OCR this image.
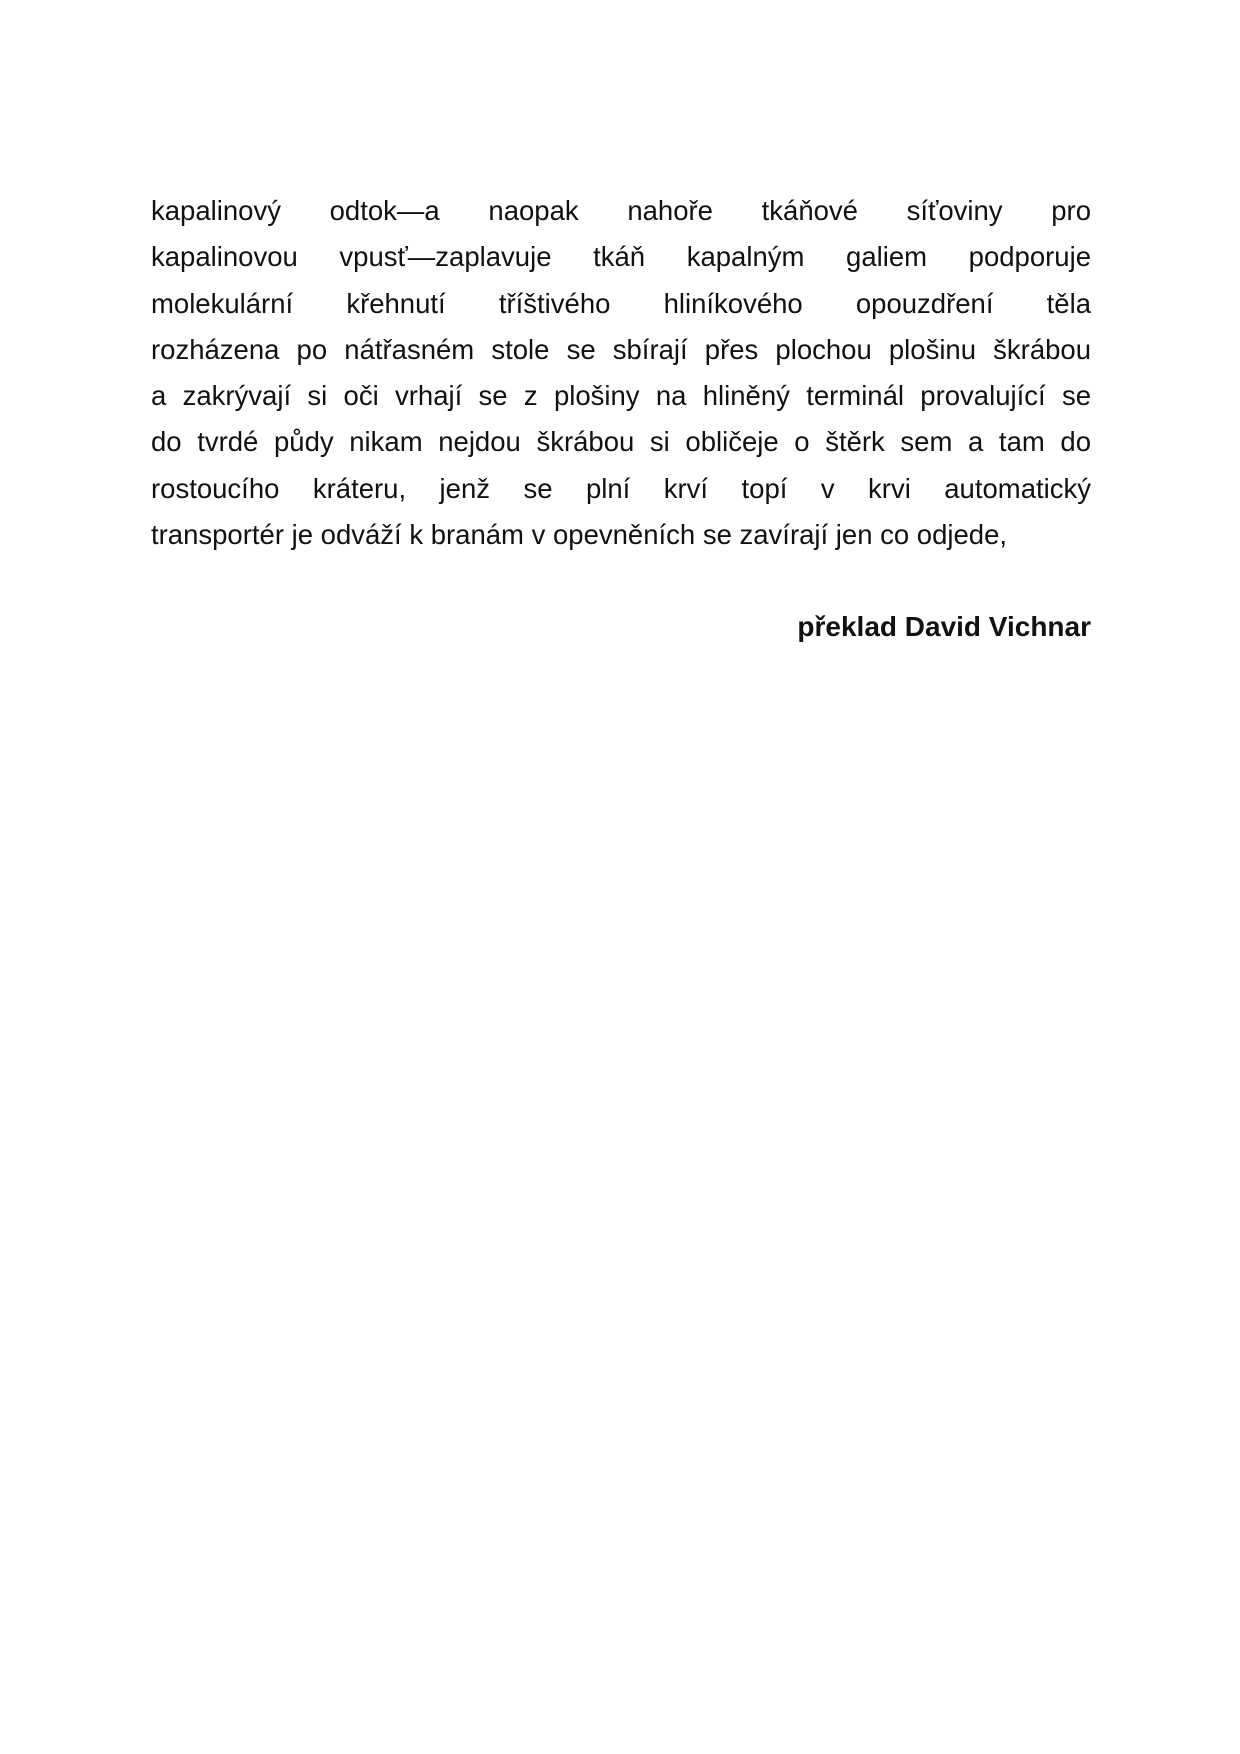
kapalinový odtok—a naopak nahoře tkáňové síťoviny pro
kapalinovou vpusť—zaplavuje tkáň kapalným galiem podporuje
molekulární křehnutí tříštivého hliníkového opouzdření těla
rozházena po nátřasném stole se sbírají přes plochou plošinu škrábou
a zakrývají si oči vrhají se z plošiny na hliněný terminál provalující se
do tvrdé půdy nikam nejdou škrábou si obličeje o štěrk sem a tam do
rostoucího kráteru, jenž se plní krví topí v krvi automatický
transportér je odváží k branám v opevněních se zavírají jen co odjede,
překlad David Vichnar
